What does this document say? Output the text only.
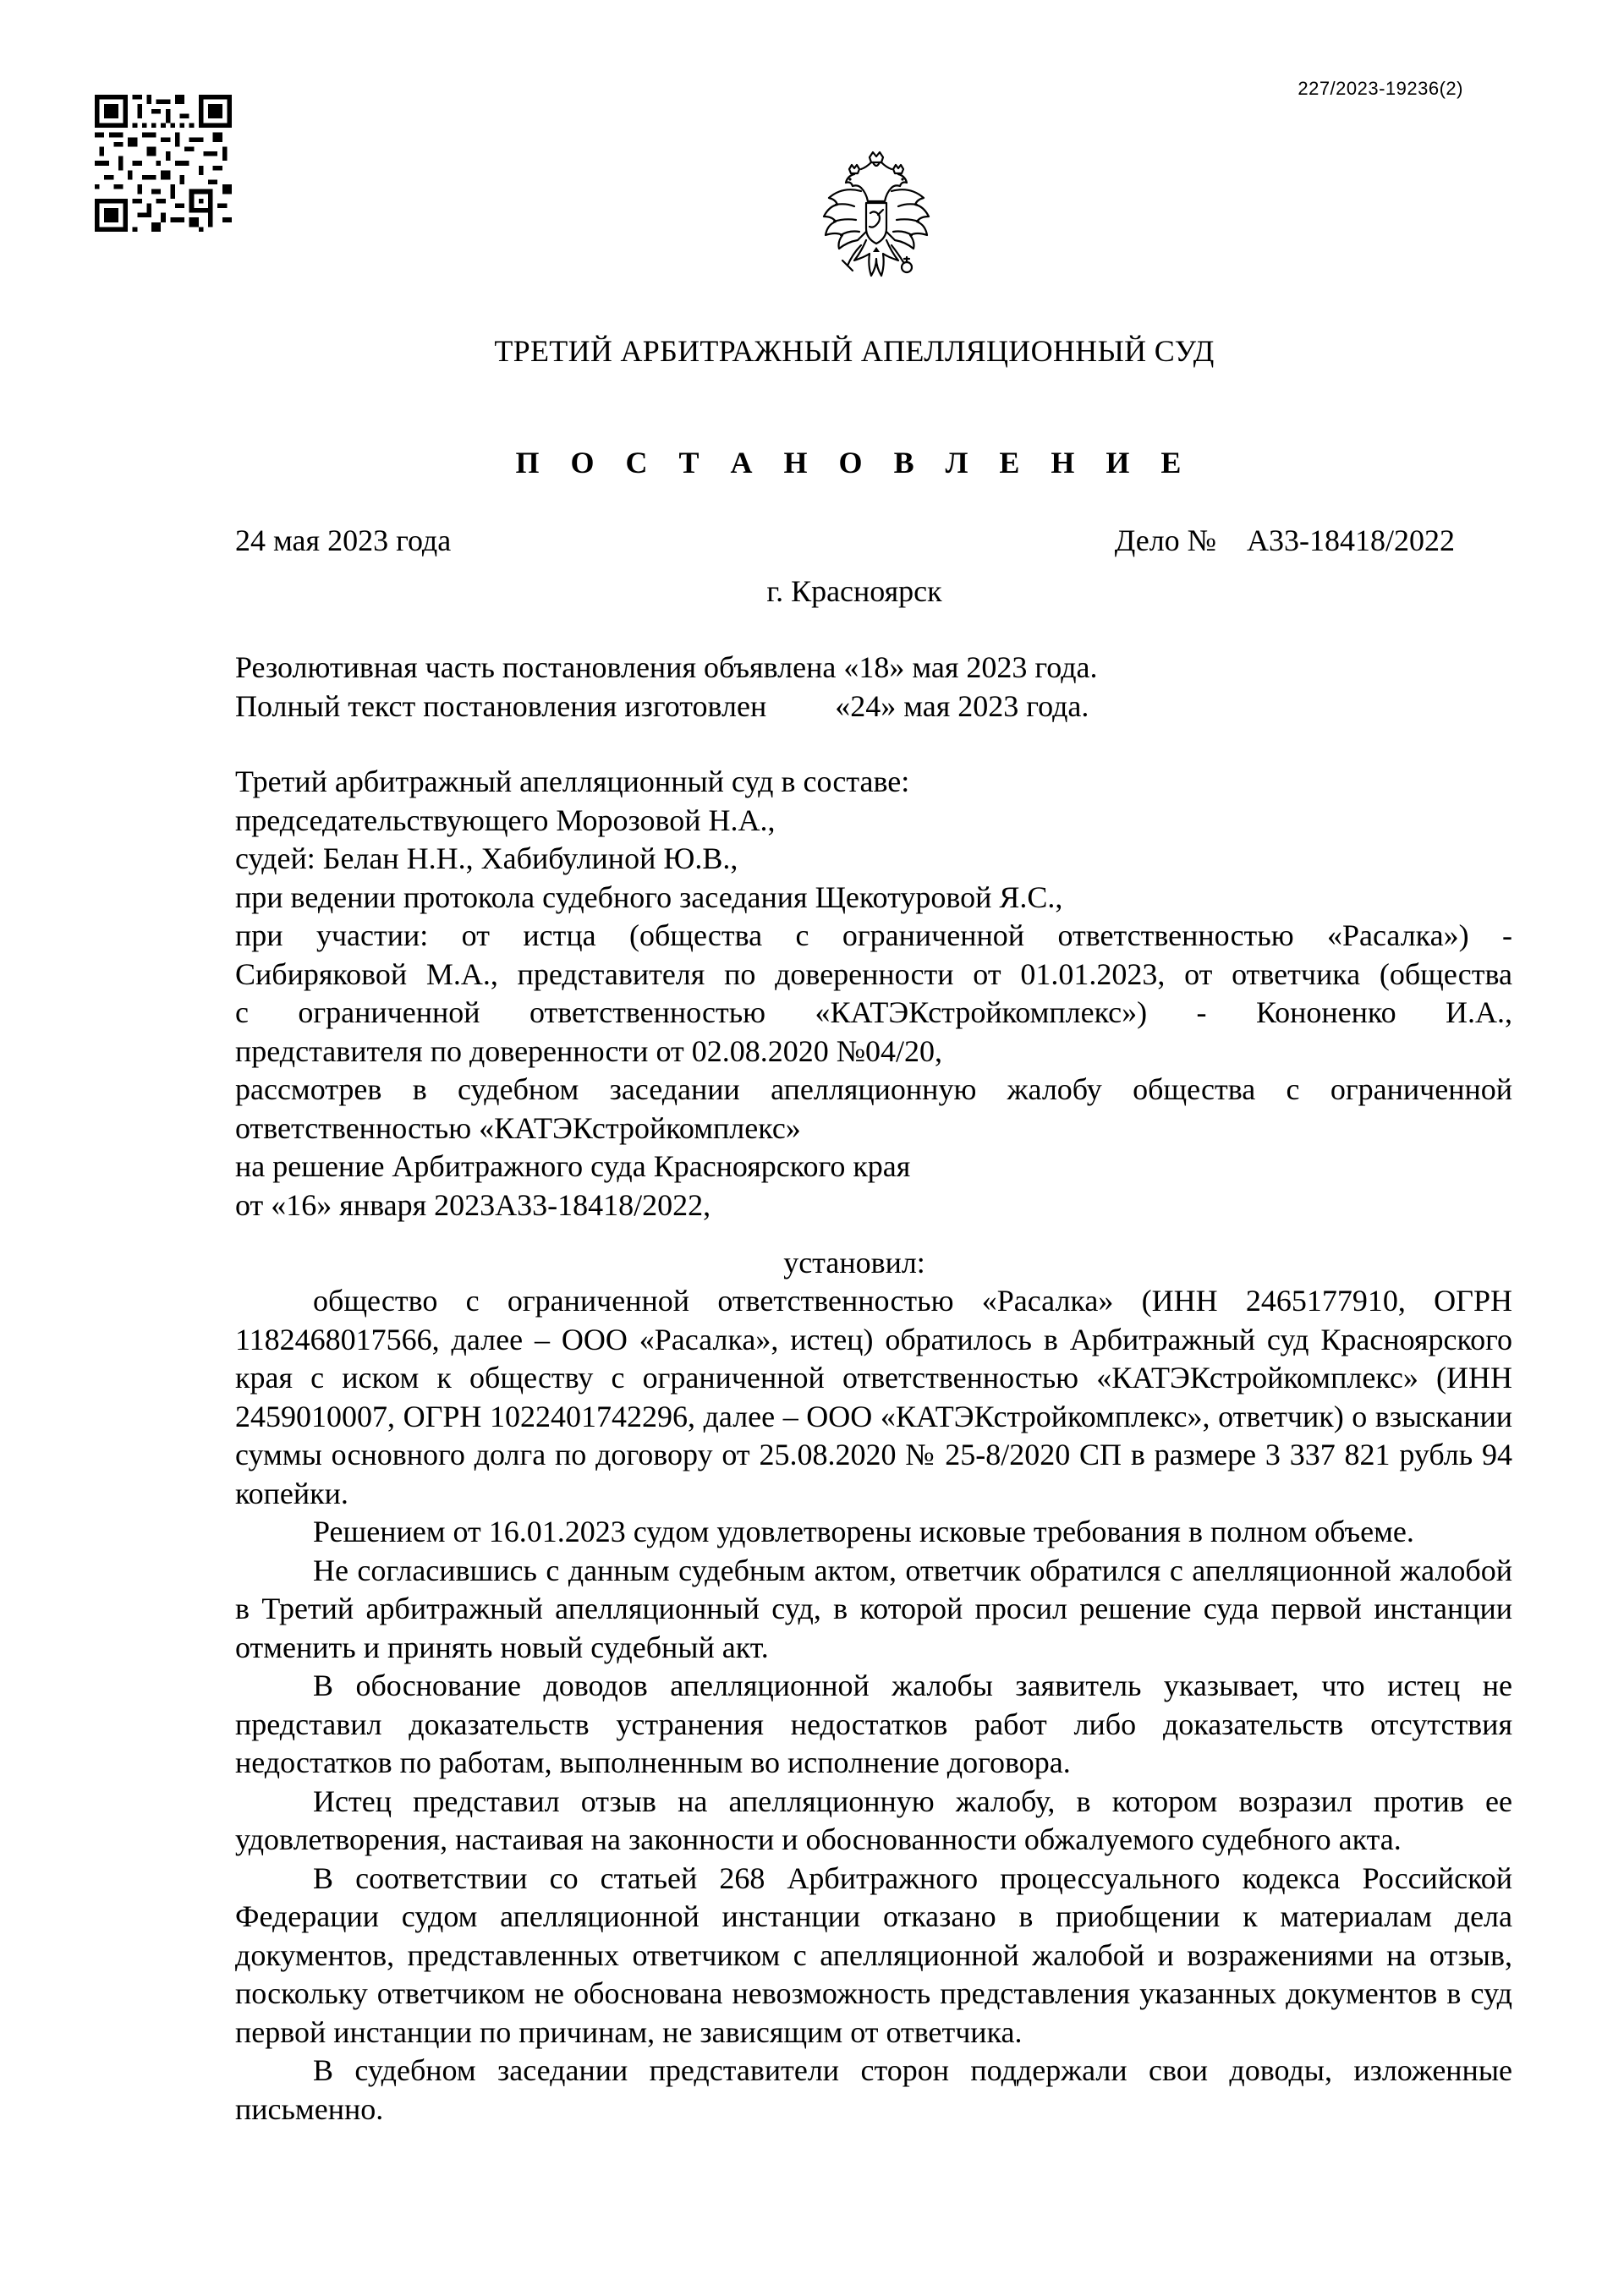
227/2023-19236(2)
ТРЕТИЙ АРБИТРАЖНЫЙ АПЕЛЛЯЦИОННЫЙ СУД
П О С Т А Н О В Л Е Н И Е
24 мая 2023 года	Дело №    А33-18418/2022
г. Красноярск
Резолютивная часть постановления объявлена «18» мая 2023 года.
Полный текст постановления изготовлен         «24» мая 2023 года.
Третий арбитражный апелляционный суд в составе:
председательствующего Морозовой Н.А.,
судей: Белан Н.Н., Хабибулиной Ю.В.,
при ведении протокола судебного заседания Щекотуровой Я.С.,
при участии: от истца (общества с ограниченной ответственностью «Расалка») -
Сибиряковой М.А., представителя по доверенности от 01.01.2023, от ответчика (общества
с ограниченной ответственностью «КАТЭКстройкомплекс») - Кононенко И.А.,
представителя по доверенности от 02.08.2020 №04/20,
рассмотрев в судебном заседании апелляционную жалобу общества с ограниченной
ответственностью «КАТЭКстройкомплекс»
на решение Арбитражного суда Красноярского края
от «16» января 2023А33-18418/2022,
установил:

общество с ограниченной ответственностью «Расалка» (ИНН 2465177910, ОГРН 1182468017566, далее – ООО «Расалка», истец) обратилось в Арбитражный суд Красноярского края с иском к обществу с ограниченной ответственностью «КАТЭКстройкомплекс» (ИНН 2459010007, ОГРН 1022401742296, далее – ООО «КАТЭКстройкомплекс», ответчик) о взыскании суммы основного долга по договору от 25.08.2020 № 25-8/2020 СП в размере 3 337 821 рубль 94 копейки.

Решением от 16.01.2023 судом удовлетворены исковые требования в полном объеме.

Не согласившись с данным судебным актом, ответчик обратился с апелляционной жалобой в Третий арбитражный апелляционный суд, в которой просил решение суда первой инстанции отменить и принять новый судебный акт.

В обоснование доводов апелляционной жалобы заявитель указывает, что истец не представил доказательств устранения недостатков работ либо доказательств отсутствия недостатков по работам, выполненным во исполнение договора.

Истец представил отзыв на апелляционную жалобу, в котором возразил против ее удовлетворения, настаивая на законности и обоснованности обжалуемого судебного акта.

В соответствии со статьей 268 Арбитражного процессуального кодекса Российской Федерации судом апелляционной инстанции отказано в приобщении к материалам дела документов, представленных ответчиком с апелляционной жалобой и возражениями на отзыв, поскольку ответчиком не обоснована невозможность представления указанных документов в суд первой инстанции по причинам, не зависящим от ответчика.

В судебном заседании представители сторон поддержали свои доводы, изложенные письменно.
